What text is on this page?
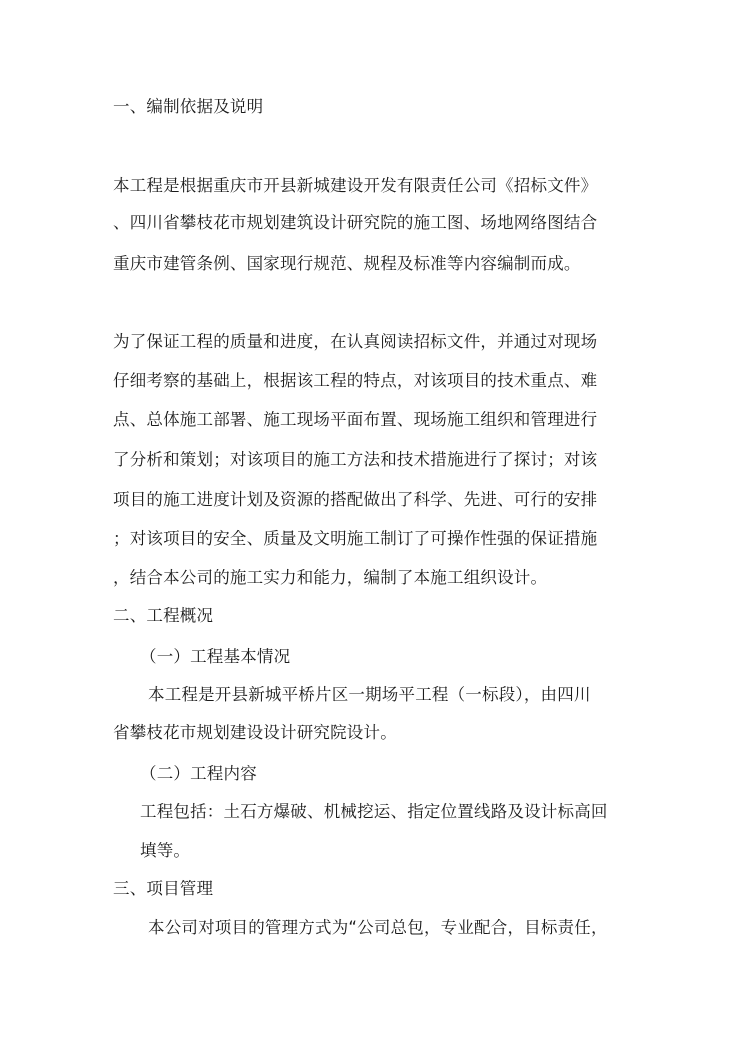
一、编制依据及说明
本工程是根据重庆市开县新城建设开发有限责任公司《招标文件》
、四川省攀枝花市规划建筑设计研究院的施工图、场地网络图结合
重庆市建管条例、国家现行规范、规程及标准等内容编制而成。
为了保证工程的质量和进度，在认真阅读招标文件，并通过对现场
仔细考察的基础上，根据该工程的特点，对该项目的技术重点、难
点、总体施工部署、施工现场平面布置、现场施工组织和管理进行
了分析和策划；对该项目的施工方法和技术措施进行了探讨；对该
项目的施工进度计划及资源的搭配做出了科学、先进、可行的安排
；对该项目的安全、质量及文明施工制订了可操作性强的保证措施
，结合本公司的施工实力和能力，编制了本施工组织设计。
二、工程概况
（一）工程基本情况
本工程是开县新城平桥片区一期场平工程（一标段），由四川
省攀枝花市规划建设设计研究院设计。
（二）工程内容
工程包括：土石方爆破、机械挖运、指定位置线路及设计标高回
填等。
三、项目管理
本公司对项目的管理方式为“公司总包，专业配合，目标责任，
